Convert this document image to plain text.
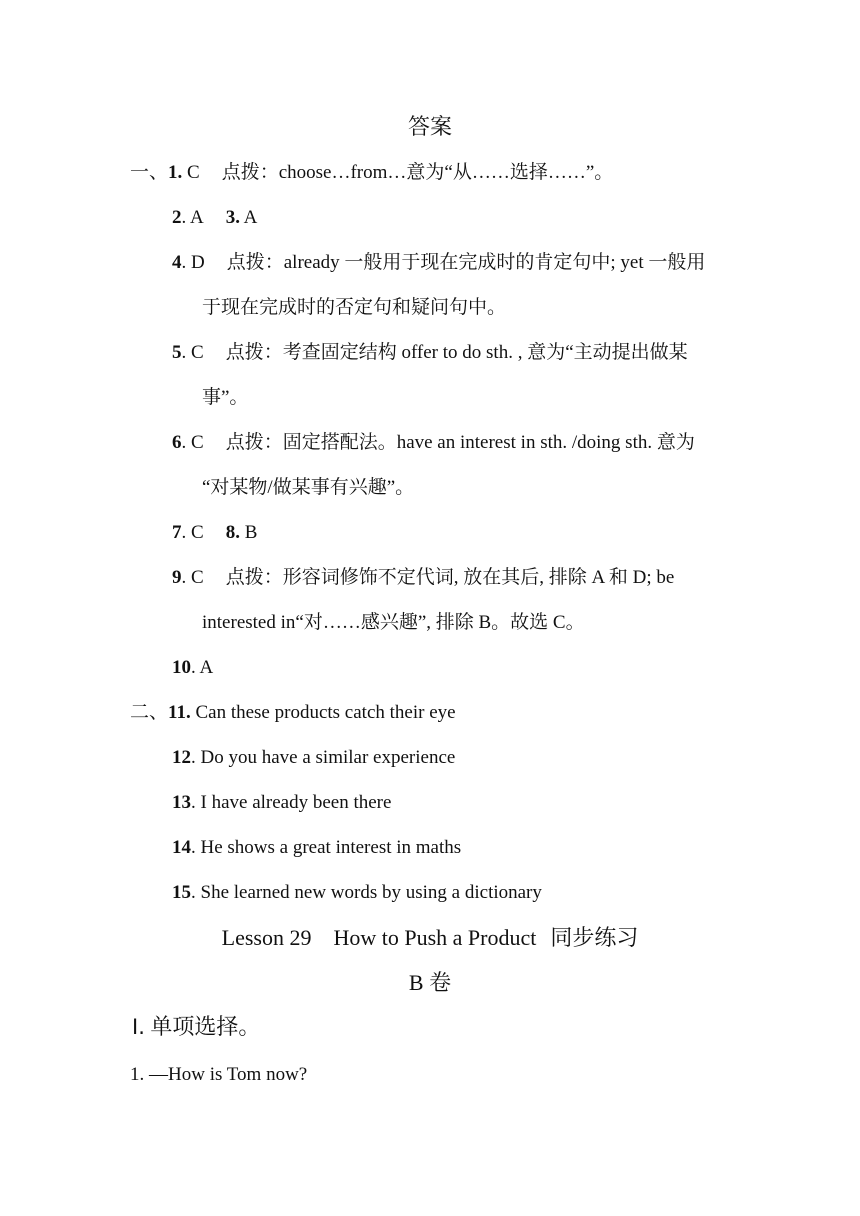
答案
一、1. C 点拨：choose…from…意为“从……选择……”。
2. A 3. A
4. D 点拨：already 一般用于现在完成时的肯定句中; yet 一般用
于现在完成时的否定句和疑问句中。
5. C 点拨：考查固定结构 offer to do sth. , 意为“主动提出做某
事”。
6. C 点拨：固定搭配法。have an interest in sth. /doing sth. 意为
“对某物/做某事有兴趣”。
7. C 8. B
9. C 点拨：形容词修饰不定代词, 放在其后, 排除 A 和 D; be
interested in“对……感兴趣”, 排除 B。故选 C。
10. A
二、11. Can these products catch their eye
12. Do you have a similar experience
13. I have already been there
14. He shows a great interest in maths
15. She learned new words by using a dictionary
Lesson 29 How to Push a Product 同步练习
B 卷
Ⅰ. 单项选择。
1. —How is Tom now?
